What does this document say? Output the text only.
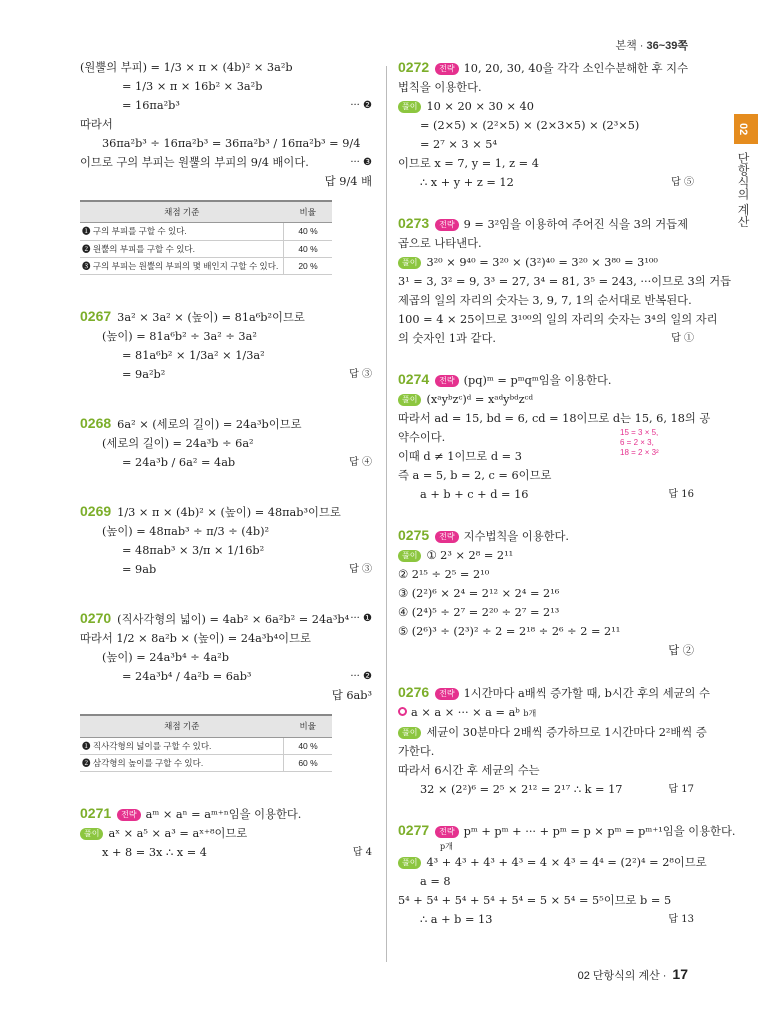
본책 · 36~39쪽
02
단항식의 계산
(원뿔의 부피) = 1/3 × π × (4b)² × 3a²b
= 1/3 × π × 16b² × 3a²b
= 16πa²b³	··· ❷
따라서
36πa²b³ ÷ 16πa²b³ = 36πa²b³ / 16πa²b³ = 9/4
이므로 구의 부피는 원뿔의 부피의 9/4 배이다.	··· ❸
답 9/4 배
채점 기준	비율
❶ 구의 부피를 구할 수 있다.	40 %
❷ 원뿔의 부피를 구할 수 있다.	40 %
❸ 구의 부피는 원뿔의 부피의 몇 배인지 구할 수 있다.	20 %
0267 3a² × 3a² × (높이) = 81a⁶b²이므로
(높이) = 81a⁶b² ÷ 3a² ÷ 3a²
= 81a⁶b² × 1/3a² × 1/3a²
= 9a²b²	답 ③
0268 6a² × (세로의 길이) = 24a³b이므로
(세로의 길이) = 24a³b ÷ 6a²
= 24a³b / 6a² = 4ab	답 ④
0269 1/3 × π × (4b)² × (높이) = 48πab³이므로
(높이) = 48πab³ ÷ π/3 ÷ (4b)²
= 48πab³ × 3/π × 1/16b²
= 9ab	답 ③
0270 (직사각형의 넓이) = 4ab² × 6a²b² = 24a³b⁴ ··· ❶
따라서 1/2 × 8a²b × (높이) = 24a³b⁴이므로
(높이) = 24a³b⁴ ÷ 4a²b
= 24a³b⁴ / 4a²b = 6ab³	··· ❷
답 6ab³
채점 기준	비율
❶ 직사각형의 넓이를 구할 수 있다.	40 %
❷ 삼각형의 높이를 구할 수 있다.	60 %
0271 전략 aᵐ × aⁿ = aᵐ⁺ⁿ임을 이용한다.
풀이 aˣ × a⁵ × a³ = aˣ⁺⁸이므로
x + 8 = 3x ∴ x = 4	답 4
0272 전략 10, 20, 30, 40을 각각 소인수분해한 후 지수법칙을 이용한다.
풀이 10 × 20 × 30 × 40
= (2×5) × (2²×5) × (2×3×5) × (2³×5)
= 2⁷ × 3 × 5⁴
이므로 x = 7, y = 1, z = 4
∴ x + y + z = 12	답 ⑤
0273 전략 9 = 3²임을 이용하여 주어진 식을 3의 거듭제곱으로 나타낸다.
풀이 3²⁰ × 9⁴⁰ = 3²⁰ × (3²)⁴⁰ = 3²⁰ × 3⁸⁰ = 3¹⁰⁰
3¹ = 3, 3² = 9, 3³ = 27, 3⁴ = 81, 3⁵ = 243, ···이므로 3의 거듭
제곱의 일의 자리의 숫자는 3, 9, 7, 1의 순서대로 반복된다.
100 = 4 × 25이므로 3¹⁰⁰의 일의 자리의 숫자는 3⁴의 일의 자리
의 숫자인 1과 같다.	답 ①
0274 전략 (pq)ᵐ = pᵐqᵐ임을 이용한다.
풀이 (xᵃyᵇzᶜ)ᵈ = xᵃᵈyᵇᵈzᶜᵈ
따라서 ad = 15, bd = 6, cd = 18이므로 d는 15, 6, 18의 공
약수이다.
이때 d ≠ 1이므로 d = 3
즉 a = 5, b = 2, c = 6이므로
a + b + c + d = 16	답 16
15 = 3 × 5,
6 = 2 × 3,
18 = 2 × 3²
0275 전략 지수법칙을 이용한다.
풀이 ① 2³ × 2⁸ = 2¹¹
② 2¹⁵ ÷ 2⁵ = 2¹⁰
③ (2²)⁶ × 2⁴ = 2¹² × 2⁴ = 2¹⁶
④ (2⁴)⁵ ÷ 2⁷ = 2²⁰ ÷ 2⁷ = 2¹³
⑤ (2⁶)³ ÷ (2³)² ÷ 2 = 2¹⁸ ÷ 2⁶ ÷ 2 = 2¹¹
답 ②
0276 전략 1시간마다 a배씩 증가할 때, b시간 후의 세균의 수
a × a × ··· × a = aᵇ b개
풀이 세균이 30분마다 2배씩 증가하므로 1시간마다 2²배씩 증
가한다.
따라서 6시간 후 세균의 수는
32 × (2²)⁶ = 2⁵ × 2¹² = 2¹⁷ ∴ k = 17	답 17
0277 전략 pᵐ + pᵐ + ··· + pᵐ = p × pᵐ = pᵐ⁺¹임을 이용한다.
p개
풀이 4³ + 4³ + 4³ + 4³ = 4 × 4³ = 4⁴ = (2²)⁴ = 2⁸이므로
a = 8
5⁴ + 5⁴ + 5⁴ + 5⁴ + 5⁴ = 5 × 5⁴ = 5⁵이므로 b = 5
∴ a + b = 13	답 13
02 단항식의 계산 · 17
